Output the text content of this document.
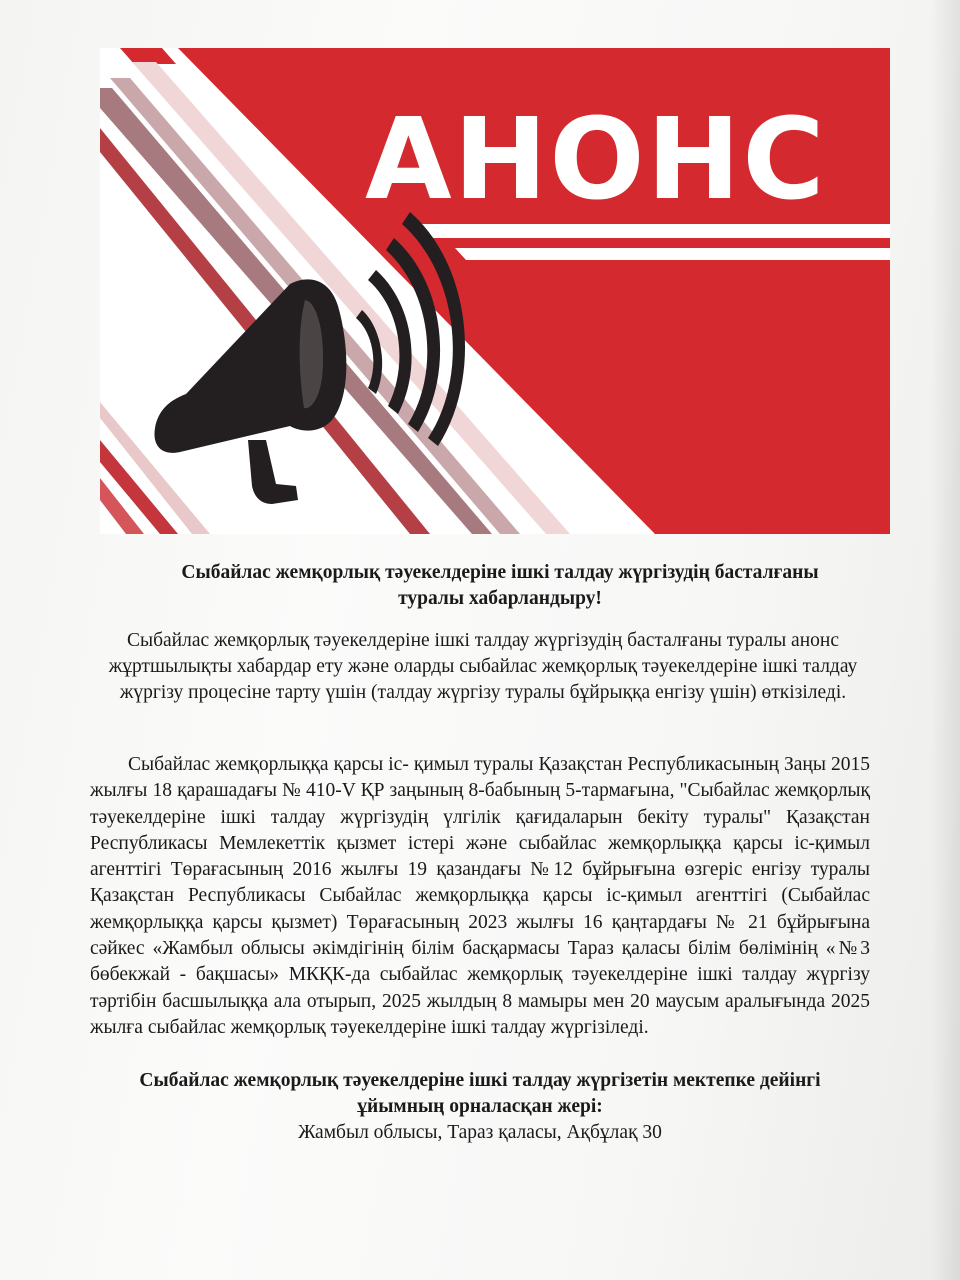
АНОНС
Сыбайлас жемқорлық тәуекелдеріне ішкі талдау жүргізудің басталғаны
туралы хабарландыру!
Сыбайлас жемқорлық тәуекелдеріне ішкі талдау жүргізудің басталғаны туралы анонс жұртшылықты хабардар ету және оларды сыбайлас жемқорлық тәуекелдеріне ішкі талдау жүргізу процесіне тарту үшін (талдау жүргізу туралы бұйрыққа енгізу үшін) өткізіледі.
Сыбайлас жемқорлыққа қарсы іс- қимыл туралы Қазақстан Республикасының Заңы 2015 жылғы 18 қарашадағы № 410-V ҚР заңының 8-бабының 5-тармағына, "Сыбайлас жемқорлық тәуекелдеріне ішкі талдау жүргізудің үлгілік қағидаларын бекіту туралы" Қазақстан Республикасы Мемлекеттік қызмет істері және сыбайлас жемқорлыққа қарсы іс-қимыл агенттігі Төрағасының 2016 жылғы 19 қазандағы №12 бұйрығына өзгеріс енгізу туралы Қазақстан Республикасы Сыбайлас жемқорлыққа қарсы іс-қимыл агенттігі (Сыбайлас жемқорлыққа қарсы қызмет) Төрағасының 2023 жылғы 16 қаңтардағы № 21 бұйрығына сәйкес «Жамбыл облысы әкімдігінің білім басқармасы Тараз қаласы білім бөлімінің «№3 бөбекжай - бақшасы» МКҚК-да сыбайлас жемқорлық тәуекелдеріне ішкі талдау жүргізу тәртібін басшылыққа ала отырып, 2025 жылдың 8 мамыры мен 20 маусым аралығында 2025 жылға сыбайлас жемқорлық тәуекелдеріне ішкі талдау жүргізіледі.
Сыбайлас жемқорлық тәуекелдеріне ішкі талдау жүргізетін мектепке дейінгі
ұйымның орналасқан жері:
Жамбыл облысы, Тараз қаласы, Ақбұлақ 30
